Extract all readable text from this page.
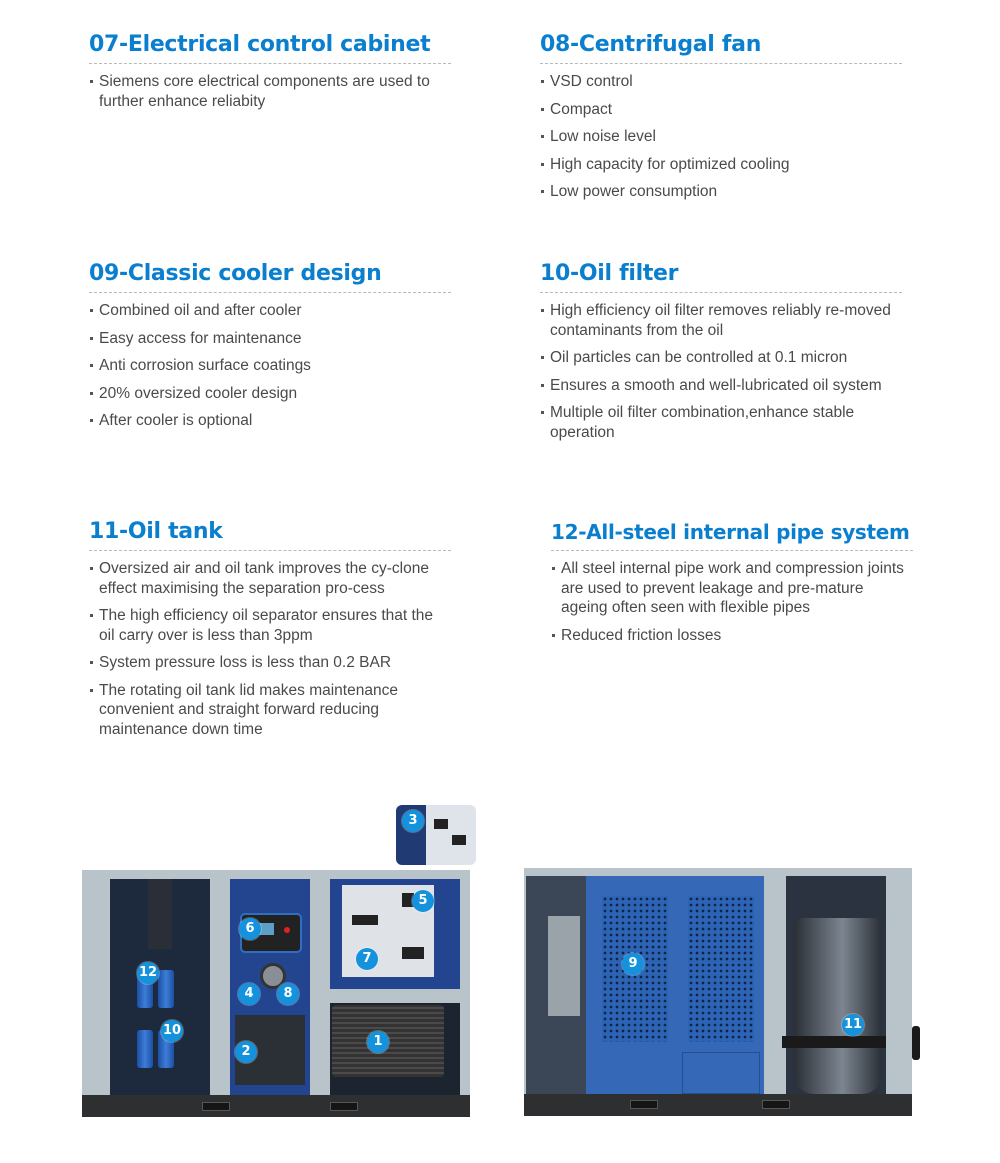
07-Electrical control cabinet
Siemens core electrical components are used to further enhance reliabity
08-Centrifugal fan
VSD control
Compact
Low noise level
High capacity for optimized cooling
Low power consumption
09-Classic cooler design
Combined oil and after cooler
Easy access for maintenance
Anti corrosion surface coatings
20% oversized cooler design
After cooler is optional
10-Oil filter
High efficiency oil filter removes reliably re-moved contaminants from the oil
Oil particles can be controlled at 0.1 micron
Ensures a smooth and well-lubricated oil system
Multiple oil filter combination,enhance stable operation
11-Oil tank
Oversized air and oil tank improves the cy-clone effect maximising the separation pro-cess
The high efficiency oil separator ensures that the oil carry over is less than 3ppm
System pressure loss is less than 0.2 BAR
The rotating oil tank lid makes maintenance convenient and straight forward reducing maintenance down time
12-All-steel internal pipe system
All steel internal pipe work and compression joints are used to prevent leakage and pre-mature ageing often seen with flexible pipes
Reduced friction losses
1
2
3
4
5
6
7
8
10
12
9
11
